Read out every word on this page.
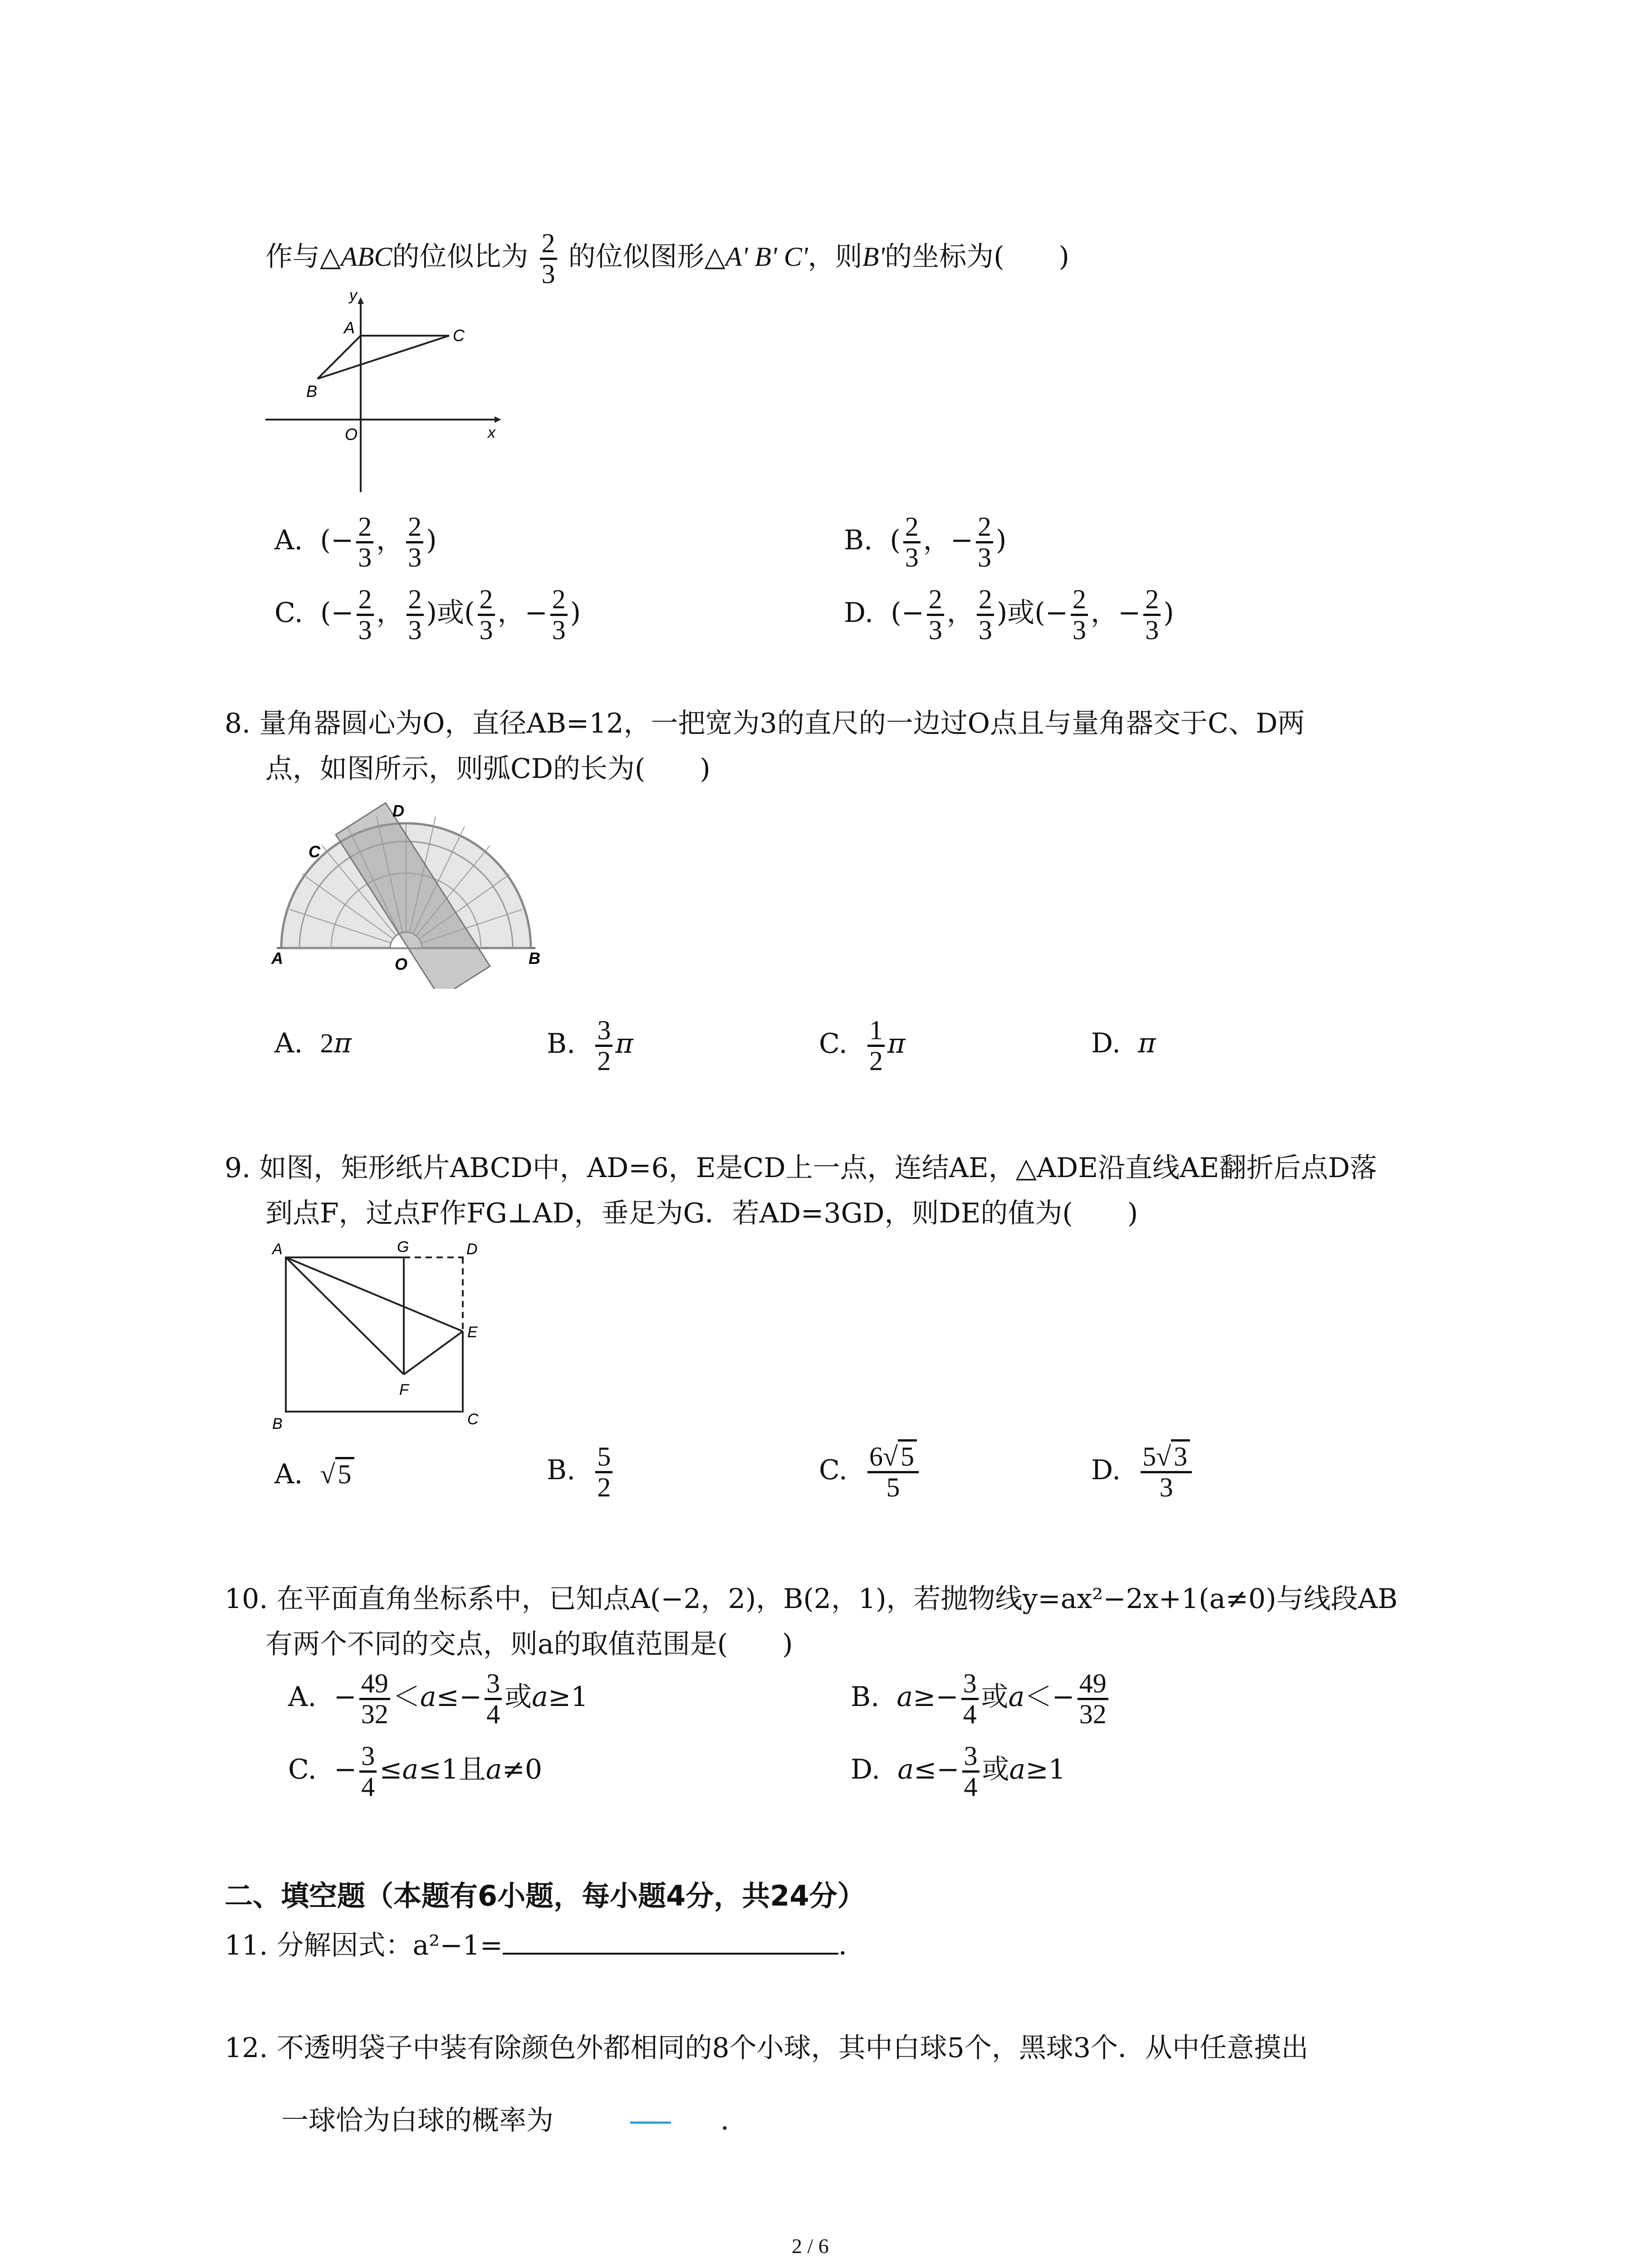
作与△ABC的位似比为 $\frac{2}{3}$ 的位似图形△A' B' C'，则B'的坐标为(　　)
y
x
A	C
B
O
A.  (− $\frac{2}{3}$ ， $\frac{2}{3}$ )	B.  ( $\frac{2}{3}$ ，− $\frac{2}{3}$ )
C.  (− $\frac{2}{3}$ ， $\frac{2}{3}$ )或( $\frac{2}{3}$ ，− $\frac{2}{3}$ )	D.  (− $\frac{2}{3}$ ， $\frac{2}{3}$ )或(− $\frac{2}{3}$ ，− $\frac{2}{3}$ )
8. 量角器圆心为O，直径AB=12，一把宽为3的直尺的一边过O点且与量角器交于C、D两
点，如图所示，则弧CD的长为(　　)
A	B
C
D
O
A. 2π	B. $\frac{3}{2}$ π	C. $\frac{1}{2}$ π	D. π
9. 如图，矩形纸片ABCD中，AD=6，E是CD上一点，连结AE，△ADE沿直线AE翻折后点D落
到点F，过点F作FG⊥AD，垂足为G．若AD=3GD，则DE的值为(　　)
A	G	D
E
F
B	C
A. √ 5	B. $\frac{5}{2}$	C. $\frac{6√ 5}{5}$	D. $\frac{5√ 3}{3}$
10. 在平面直角坐标系中，已知点A(−2，2)，B(2，1)，若抛物线y=ax²−2x+1(a≠0)与线段AB
有两个不同的交点，则a的取值范围是(　　)
A.  − $\frac{49}{32} <a\le- \frac{3}{4}$ 或a≥1	B. $a\ge- \frac{3}{4}$ 或$a<- \frac{49}{32}$
C.  − $\frac{3}{4} \le a\le 1$且a≠0	D. $a\le- \frac{3}{4}$ 或a≥1
二、填空题（本题有6小题，每小题4分，共24分）
11. 分解因式：a²−1=	．
12. 不透明袋子中装有除颜色外都相同的8个小球，其中白球5个，黑球3个．从中任意摸出
一球恰为白球的概率为	．
2 / 6
